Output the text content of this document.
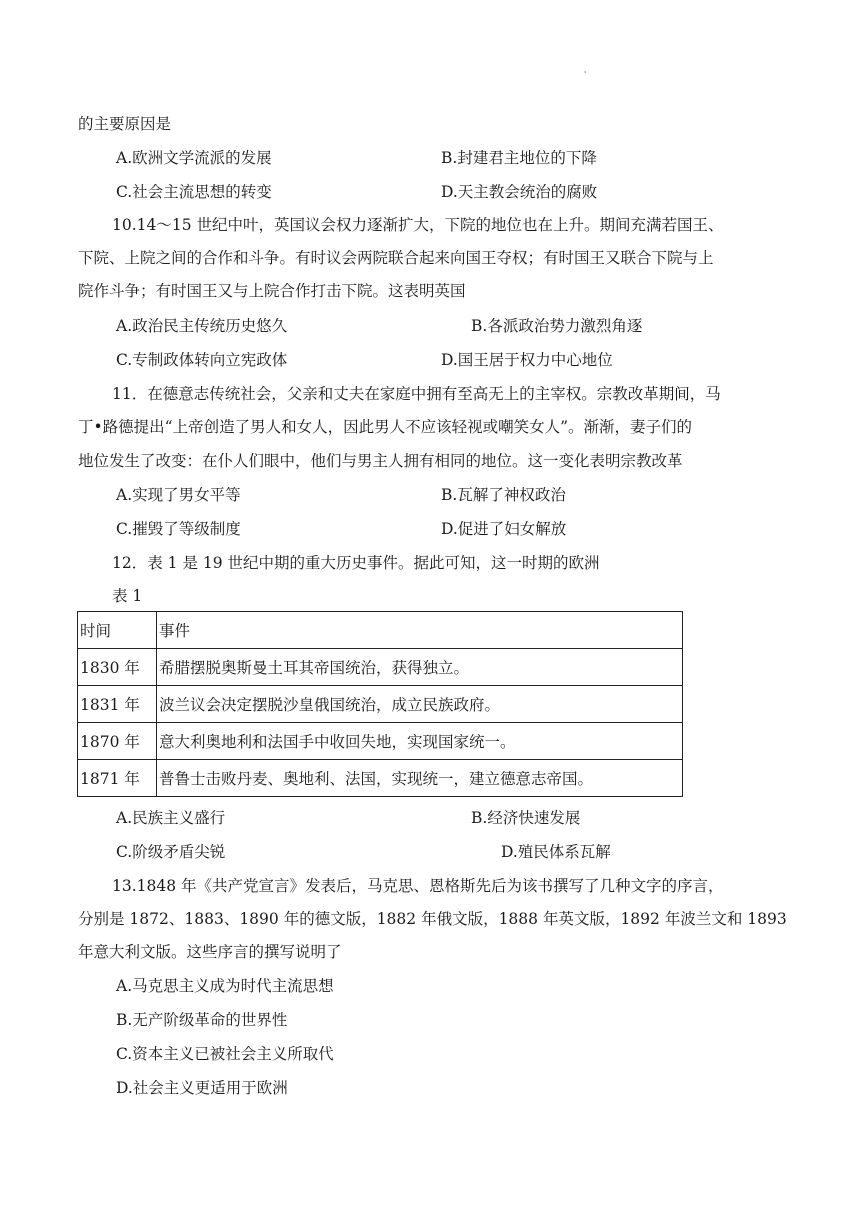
'
的主要原因是
A.欧洲文学流派的发展	B.封建君主地位的下降
C.社会主流思想的转变	D.天主教会统治的腐败
10.14～15 世纪中叶，英国议会权力逐渐扩大，下院的地位也在上升。期间充满若国王、
下院、上院之间的合作和斗争。有时议会两院联合起来向国王夺权；有时国王又联合下院与上
院作斗争；有时国王又与上院合作打击下院。这表明英国
A.政治民主传统历史悠久	B.各派政治势力激烈角逐
C.专制政体转向立宪政体	D.国王居于权力中心地位
11．在德意志传统社会，父亲和丈夫在家庭中拥有至高无上的主宰权。宗教改革期间，马
丁•路德提出“上帝创造了男人和女人，因此男人不应该轻视或嘲笑女人”。渐渐，妻子们的
地位发生了改变：在仆人们眼中，他们与男主人拥有相同的地位。这一变化表明宗教改革
A.实现了男女平等	B.瓦解了神权政治
C.摧毁了等级制度	D.促进了妇女解放
12．表 1 是 19 世纪中期的重大历史事件。据此可知，这一时期的欧洲
表 1
时间	事件
1830 年	希腊摆脱奥斯曼土耳其帝国统治，获得独立。
1831 年	波兰议会决定摆脱沙皇俄国统治，成立民族政府。
1870 年	意大利奥地利和法国手中收回失地，实现国家统一。
1871 年	普鲁士击败丹麦、奥地利、法国，实现统一，建立德意志帝国。
A.民族主义盛行	B.经济快速发展
C.阶级矛盾尖锐	D.殖民体系瓦解
13.1848 年《共产党宣言》发表后，马克思、恩格斯先后为该书撰写了几种文字的序言，
分别是 1872、1883、1890 年的德文版，1882 年俄文版，1888 年英文版，1892 年波兰文和 1893
年意大利文版。这些序言的撰写说明了
A.马克思主义成为时代主流思想
B.无产阶级革命的世界性
C.资本主义已被社会主义所取代
D.社会主义更适用于欧洲
